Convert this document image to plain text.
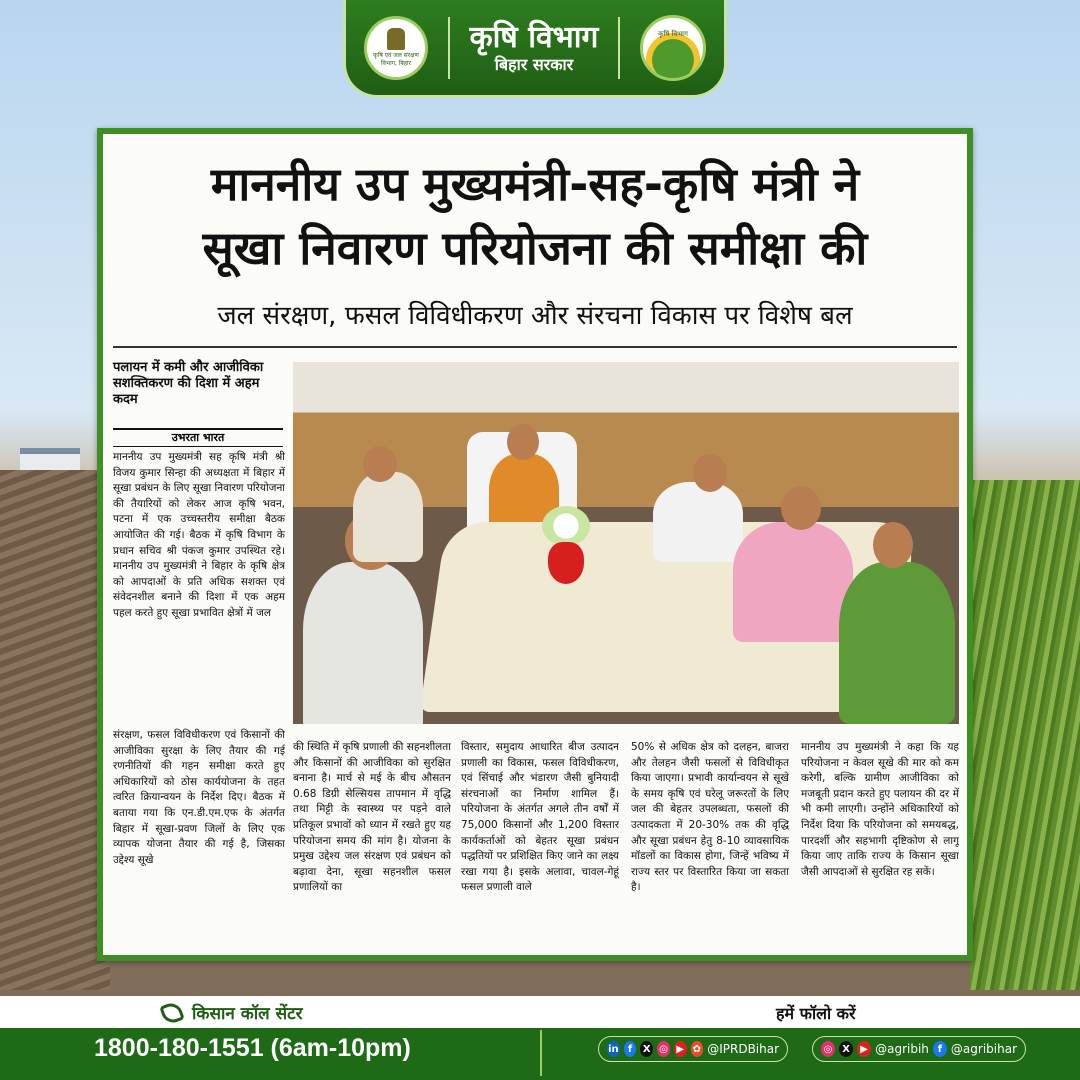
कृषि एवं जल संरक्षण विभाग, बिहार
कृषि विभाग
बिहार सरकार
कृषि विभाग
माननीय उप मुख्यमंत्री-सह-कृषि मंत्री ने
सूखा निवारण परियोजना की समीक्षा की
जल संरक्षण, फसल विविधीकरण और संरचना विकास पर विशेष बल
पलायन में कमी और आजीविका सशक्तिकरण की दिशा में अहम कदम
उभरता भारत
माननीय उप मुख्यमंत्री सह कृषि मंत्री श्री विजय कुमार सिन्हा की अध्यक्षता में बिहार में सूखा प्रबंधन के लिए सूखा निवारण परियोजना की तैयारियों को लेकर आज कृषि भवन, पटना में एक उच्चस्तरीय समीक्षा बैठक आयोजित की गई। बैठक में कृषि विभाग के प्रधान सचिव श्री पंकज कुमार उपस्थित रहे। माननीय उप मुख्यमंत्री ने बिहार के कृषि क्षेत्र को आपदाओं के प्रति अधिक सशक्त एवं संवेदनशील बनाने की दिशा में एक अहम पहल करते हुए सूखा प्रभावित क्षेत्रों में जल
संरक्षण, फसल विविधीकरण एवं किसानों की आजीविका सुरक्षा के लिए तैयार की गई रणनीतियों की गहन समीक्षा करते हुए अधिकारियों को ठोस कार्ययोजना के तहत त्वरित क्रियान्वयन के निर्देश दिए। बैठक में बताया गया कि एन.डी.एम.एफ के अंतर्गत बिहार में सूखा-प्रवण जिलों के लिए एक व्यापक योजना तैयार की गई है, जिसका उद्देश्य सूखे
की स्थिति में कृषि प्रणाली की सहनशीलता और किसानों की आजीविका को सुरक्षित बनाना है। मार्च से मई के बीच औसतन 0.68 डिग्री सेल्सियस तापमान में वृद्धि तथा मिट्टी के स्वास्थ्य पर पड़ने वाले प्रतिकूल प्रभावों को ध्यान में रखते हुए यह परियोजना समय की मांग है। योजना के प्रमुख उद्देश्य जल संरक्षण एवं प्रबंधन को बढ़ावा देना, सूखा सहनशील फसल प्रणालियों का
विस्तार, समुदाय आधारित बीज उत्पादन प्रणाली का विकास, फसल विविधीकरण, एवं सिंचाई और भंडारण जैसी बुनियादी संरचनाओं का निर्माण शामिल हैं।परियोजना के अंतर्गत अगले तीन वर्षों में 75,000 किसानों और 1,200 विस्तार कार्यकर्ताओं को बेहतर सूखा प्रबंधन पद्धतियों पर प्रशिक्षित किए जाने का लक्ष्य रखा गया है। इसके अलावा, चावल-गेहूं फसल प्रणाली वाले
50% से अधिक क्षेत्र को दलहन, बाजरा और तेलहन जैसी फसलों से विविधीकृत किया जाएगा। प्रभावी कार्यान्वयन से सूखे के समय कृषि एवं घरेलू जरूरतों के लिए जल की बेहतर उपलब्धता, फसलों की उत्पादकता में 20-30% तक की वृद्धि और सूखा प्रबंधन हेतु 8-10 व्यावसायिक मॉडलों का विकास होगा, जिन्हें भविष्य में राज्य स्तर पर विस्तारित किया जा सकता है।
माननीय उप मुख्यमंत्री ने कहा कि यह परियोजना न केवल सूखे की मार को कम करेगी, बल्कि ग्रामीण आजीविका को मजबूती प्रदान करते हुए पलायन की दर में भी कमी लाएगी। उन्होंने अधिकारियों को निर्देश दिया कि परियोजना को समयबद्ध, पारदर्शी और सहभागी दृष्टिकोण से लागू किया जाए ताकि राज्य के किसान सूखा जैसी आपदाओं से सुरक्षित रह सकें।
किसान कॉल सेंटर	हमें फॉलो करें
1800-180-1551 (6am-10pm)	in f	X ◎ ▶ ✿ @IPRDBihar	◎ X	▶ @agribih f @agribihar
